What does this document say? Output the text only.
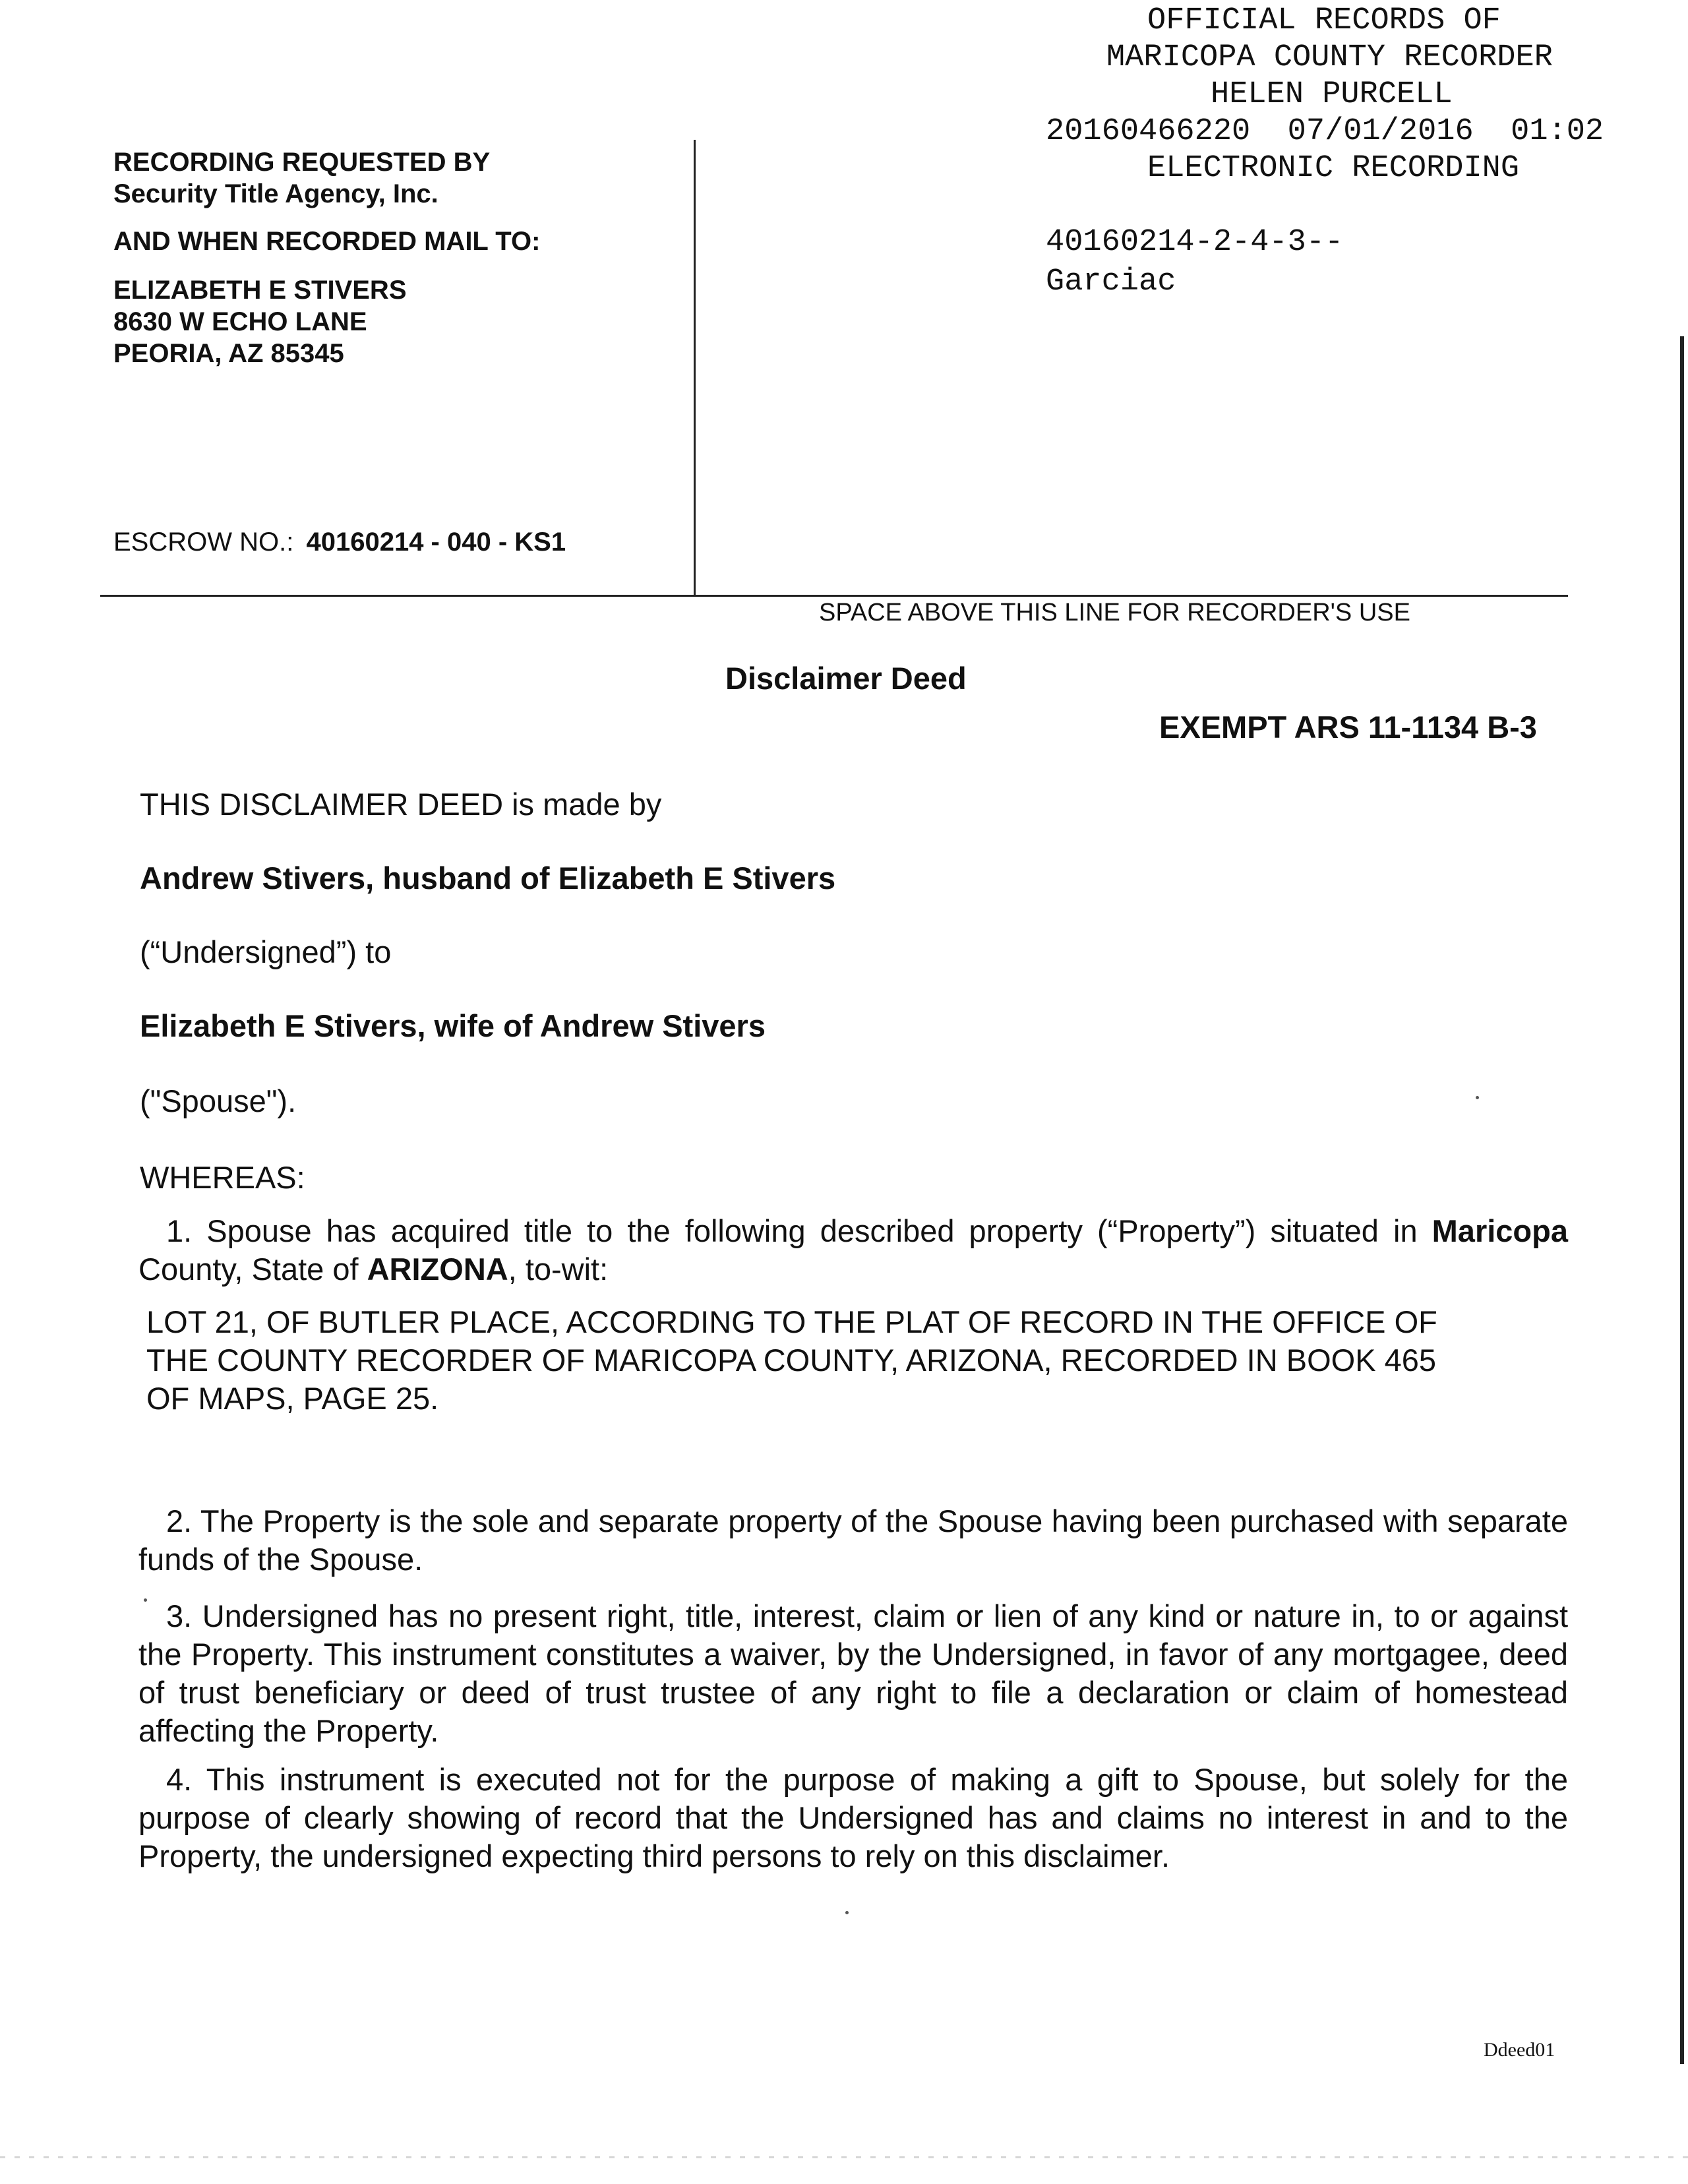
OFFICIAL RECORDS OF
MARICOPA COUNTY RECORDER
HELEN PURCELL
20160466220  07/01/2016  01:02
ELECTRONIC RECORDING
40160214-2-4-3--
Garciac
RECORDING REQUESTED BY
Security Title Agency, Inc.
AND WHEN RECORDED MAIL TO:
ELIZABETH E STIVERS
8630 W ECHO LANE
PEORIA, AZ 85345
ESCROW NO.: 40160214 - 040 - KS1
SPACE ABOVE THIS LINE FOR RECORDER'S USE
Disclaimer Deed
EXEMPT ARS 11-1134 B-3
THIS DISCLAIMER DEED is made by
Andrew Stivers, husband of Elizabeth E Stivers
(“Undersigned”) to
Elizabeth E Stivers, wife of Andrew Stivers
("Spouse").
WHEREAS:
1. Spouse has acquired title to the following described property (“Property”) situated in Maricopa County, State of ARIZONA, to-wit:
LOT 21, OF BUTLER PLACE, ACCORDING TO THE PLAT OF RECORD IN THE OFFICE OF
THE COUNTY RECORDER OF MARICOPA COUNTY, ARIZONA, RECORDED IN BOOK 465
OF MAPS, PAGE 25.
2. The Property is the sole and separate property of the Spouse having been purchased with separate funds of the Spouse.
3. Undersigned has no present right, title, interest, claim or lien of any kind or nature in, to or against the Property. This instrument constitutes a waiver, by the Undersigned, in favor of any mortgagee, deed of trust beneficiary or deed of trust trustee of any right to file a declaration or claim of homestead affecting the Property.
4. This instrument is executed not for the purpose of making a gift to Spouse, but solely for the purpose of clearly showing of record that the Undersigned has and claims no interest in and to the Property, the undersigned expecting third persons to rely on this disclaimer.
Ddeed01
